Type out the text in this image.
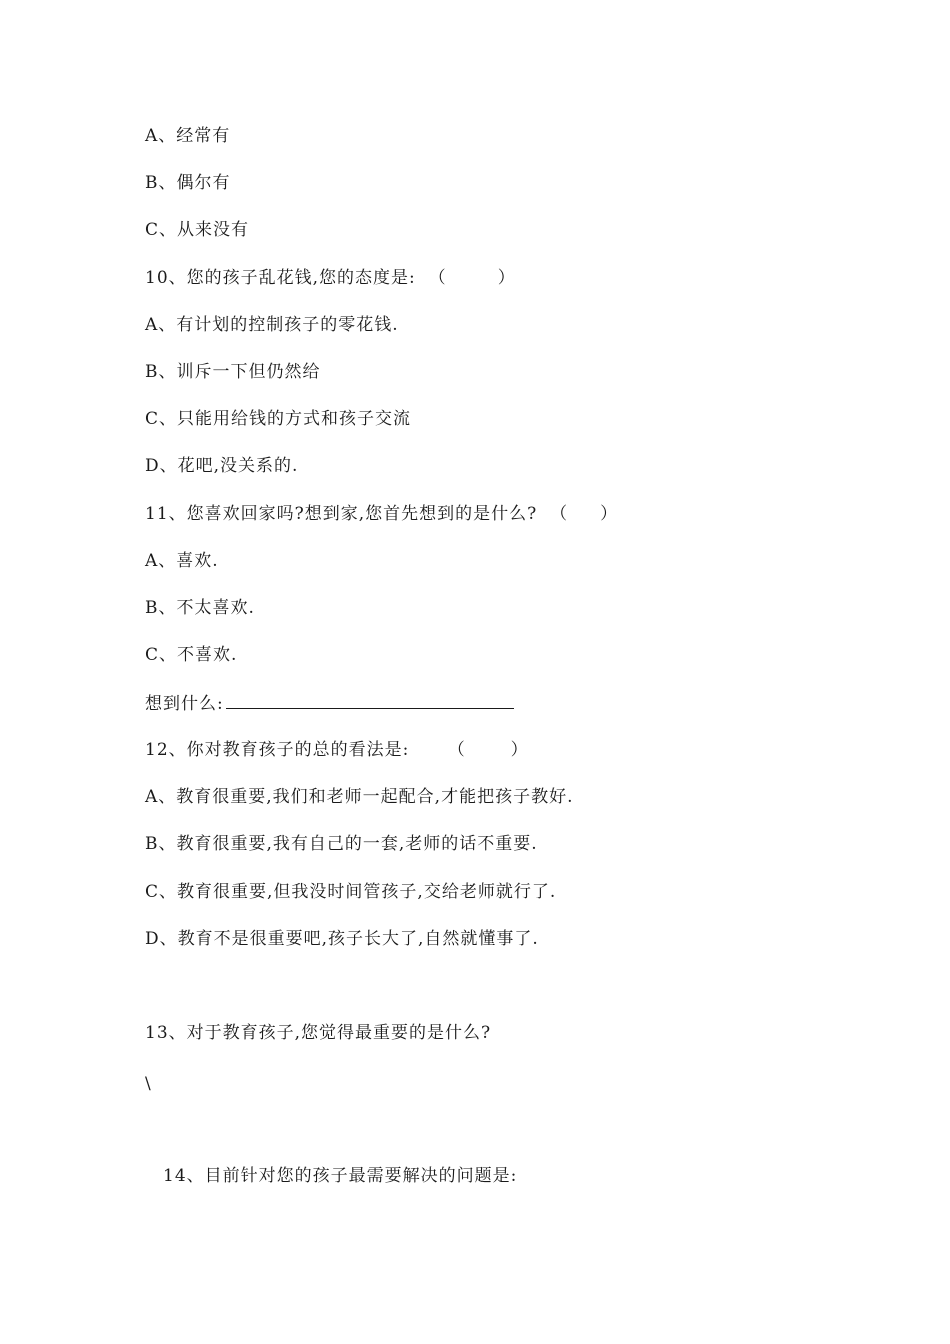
A、经常有
B、偶尔有
C、从来没有
10、您的孩子乱花钱,您的态度是:  （        ）
A、有计划的控制孩子的零花钱.
B、训斥一下但仍然给
C、只能用给钱的方式和孩子交流
D、花吧,没关系的.
11、您喜欢回家吗?想到家,您首先想到的是什么?  （     ）
A、喜欢.
B、不太喜欢.
C、不喜欢.
想到什么:
12、你对教育孩子的总的看法是:      （       ）
A、教育很重要,我们和老师一起配合,才能把孩子教好.
B、教育很重要,我有自己的一套,老师的话不重要.
C、教育很重要,但我没时间管孩子,交给老师就行了.
D、教育不是很重要吧,孩子长大了,自然就懂事了.
13、对于教育孩子,您觉得最重要的是什么?
\
14、目前针对您的孩子最需要解决的问题是:
